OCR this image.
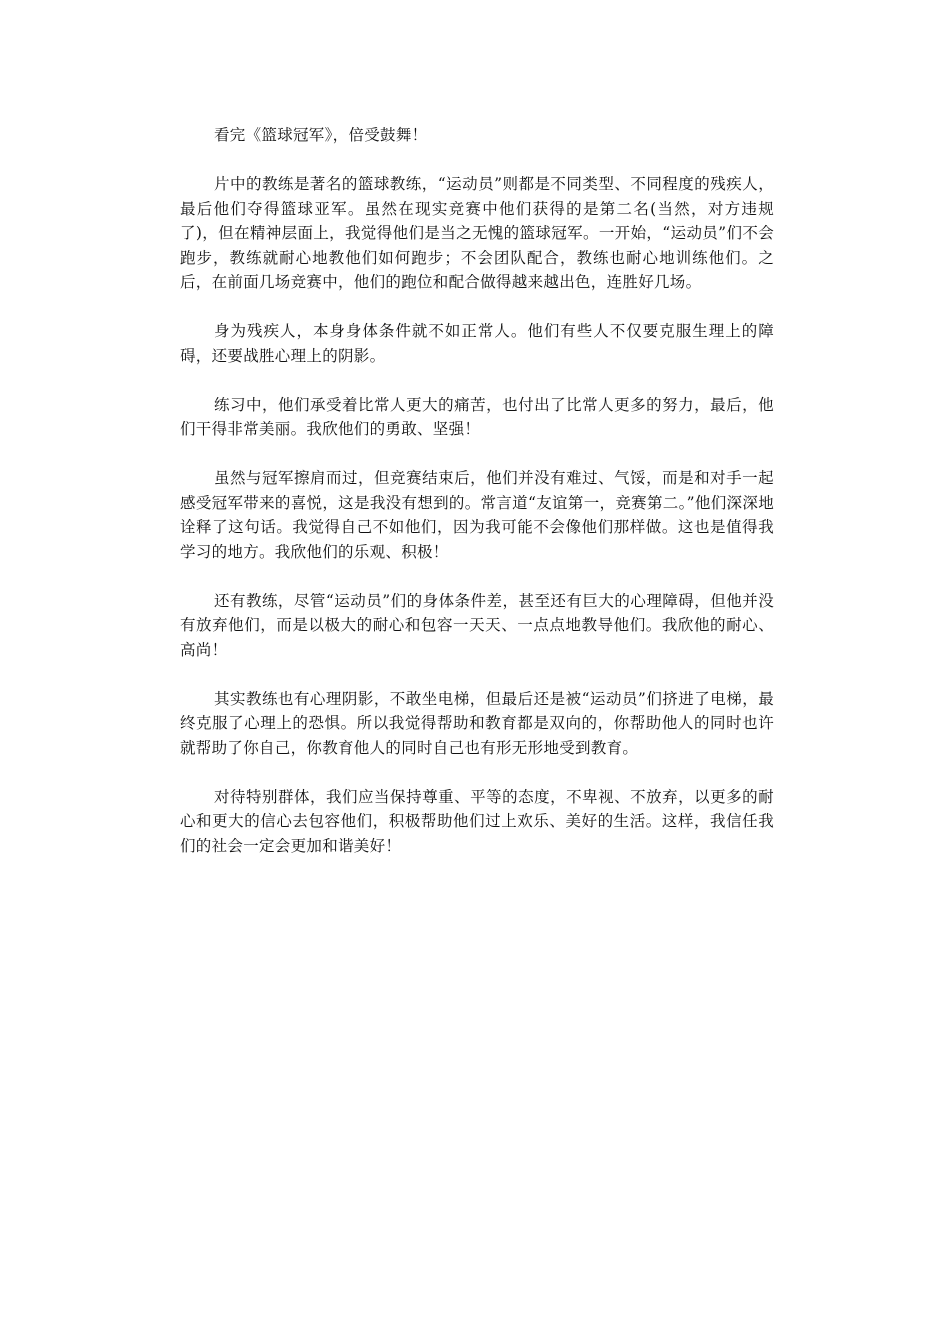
看完《篮球冠军》，倍受鼓舞！

片中的教练是著名的篮球教练，“运动员”则都是不同类型、不同程度的残疾人，最后他们夺得篮球亚军。虽然在现实竞赛中他们获得的是第二名(当然，对方违规了)，但在精神层面上，我觉得他们是当之无愧的篮球冠军。一开始，“运动员”们不会跑步，教练就耐心地教他们如何跑步；不会团队配合，教练也耐心地训练他们。之后，在前面几场竞赛中，他们的跑位和配合做得越来越出色，连胜好几场。

身为残疾人，本身身体条件就不如正常人。他们有些人不仅要克服生理上的障碍，还要战胜心理上的阴影。

练习中，他们承受着比常人更大的痛苦，也付出了比常人更多的努力，最后，他们干得非常美丽。我欣他们的勇敢、坚强！

虽然与冠军擦肩而过，但竞赛结束后，他们并没有难过、气馁，而是和对手一起感受冠军带来的喜悦，这是我没有想到的。常言道“友谊第一，竞赛第二。”他们深深地诠释了这句话。我觉得自己不如他们，因为我可能不会像他们那样做。这也是值得我学习的地方。我欣他们的乐观、积极！

还有教练，尽管“运动员”们的身体条件差，甚至还有巨大的心理障碍，但他并没有放弃他们，而是以极大的耐心和包容一天天、一点点地教导他们。我欣他的耐心、高尚！

其实教练也有心理阴影，不敢坐电梯，但最后还是被“运动员”们挤进了电梯，最终克服了心理上的恐惧。所以我觉得帮助和教育都是双向的，你帮助他人的同时也许就帮助了你自己，你教育他人的同时自己也有形无形地受到教育。

对待特别群体，我们应当保持尊重、平等的态度，不卑视、不放弃，以更多的耐心和更大的信心去包容他们，积极帮助他们过上欢乐、美好的生活。这样，我信任我们的社会一定会更加和谐美好！
